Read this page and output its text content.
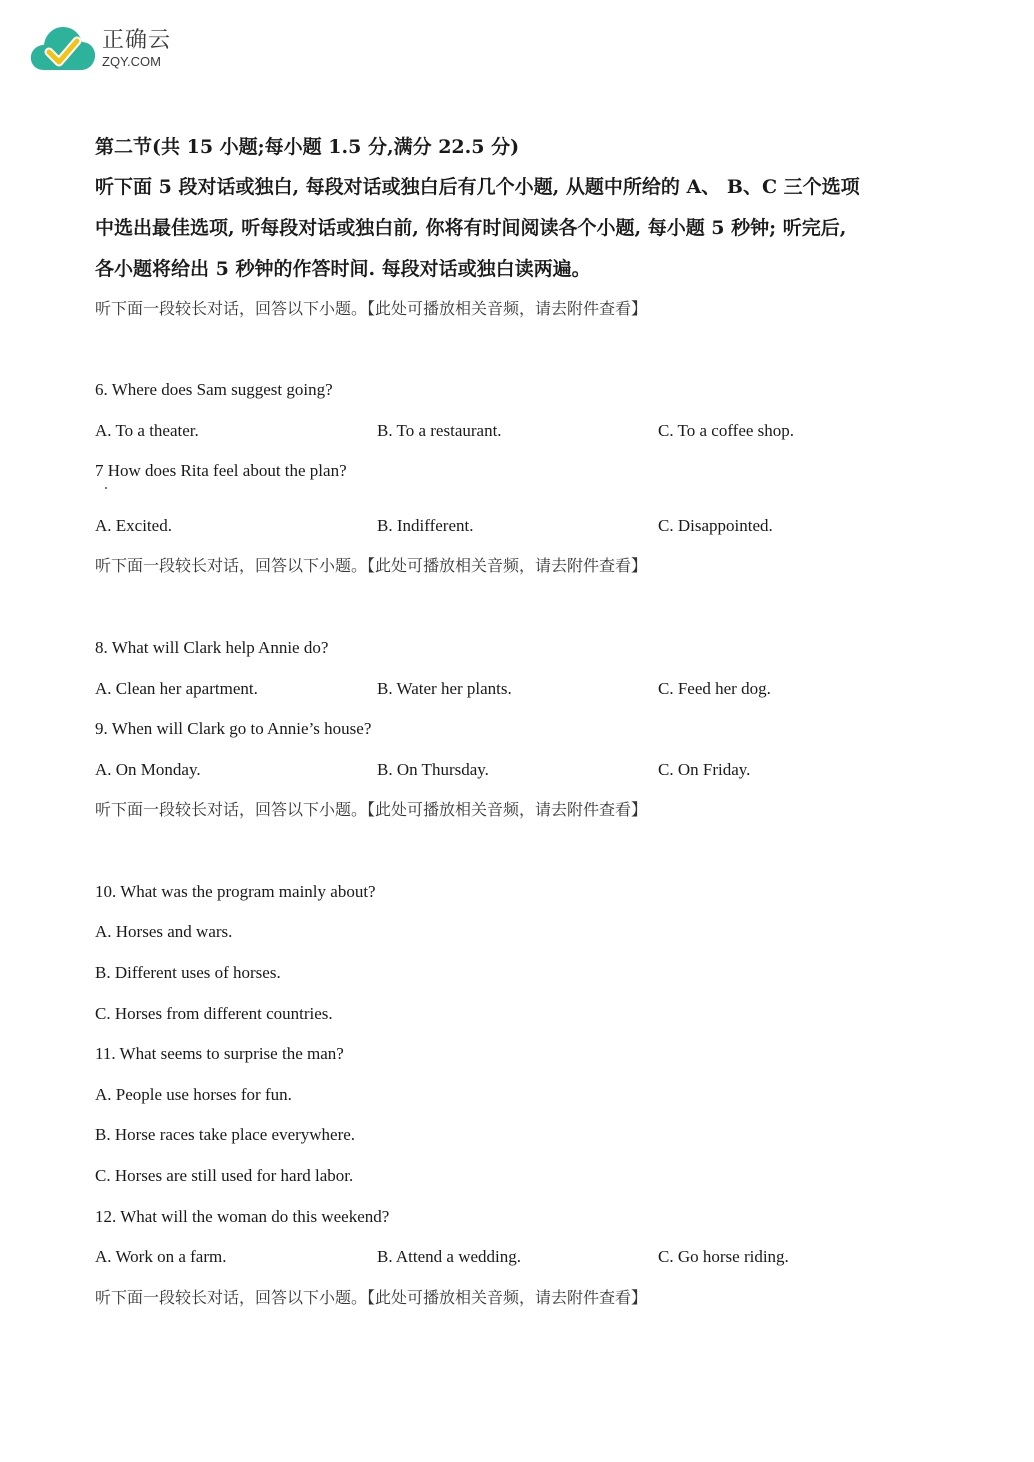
正确云
ZQY.COM
第二节(共 15 小题;每小题 1.5 分,满分 22.5 分)
听下面 5 段对话或独白, 每段对话或独白后有几个小题, 从题中所给的 A、 B、C 三个选项
中选出最佳选项, 听每段对话或独白前, 你将有时间阅读各个小题, 每小题 5 秒钟; 听完后,
各小题将给出 5 秒钟的作答时间. 每段对话或独白读两遍。
听下面一段较长对话，回答以下小题。【此处可播放相关音频，请去附件查看】
6. Where does Sam suggest going?
A. To a theater.	B. To a restaurant.	C. To a coffee shop.
7 How does Rita feel about the plan?
A. Excited.	B. Indifferent.	C. Disappointed.
听下面一段较长对话，回答以下小题。【此处可播放相关音频，请去附件查看】
8. What will Clark help Annie do?
A. Clean her apartment.	B. Water her plants.	C. Feed her dog.
9. When will Clark go to Annie’s house?
A. On Monday.	B. On Thursday.	C. On Friday.
听下面一段较长对话，回答以下小题。【此处可播放相关音频，请去附件查看】
10. What was the program mainly about?
A. Horses and wars.
B. Different uses of horses.
C. Horses from different countries.
11. What seems to surprise the man?
A. People use horses for fun.
B. Horse races take place everywhere.
C. Horses are still used for hard labor.
12. What will the woman do this weekend?
A. Work on a farm.	B. Attend a wedding.	C. Go horse riding.
听下面一段较长对话，回答以下小题。【此处可播放相关音频，请去附件查看】
